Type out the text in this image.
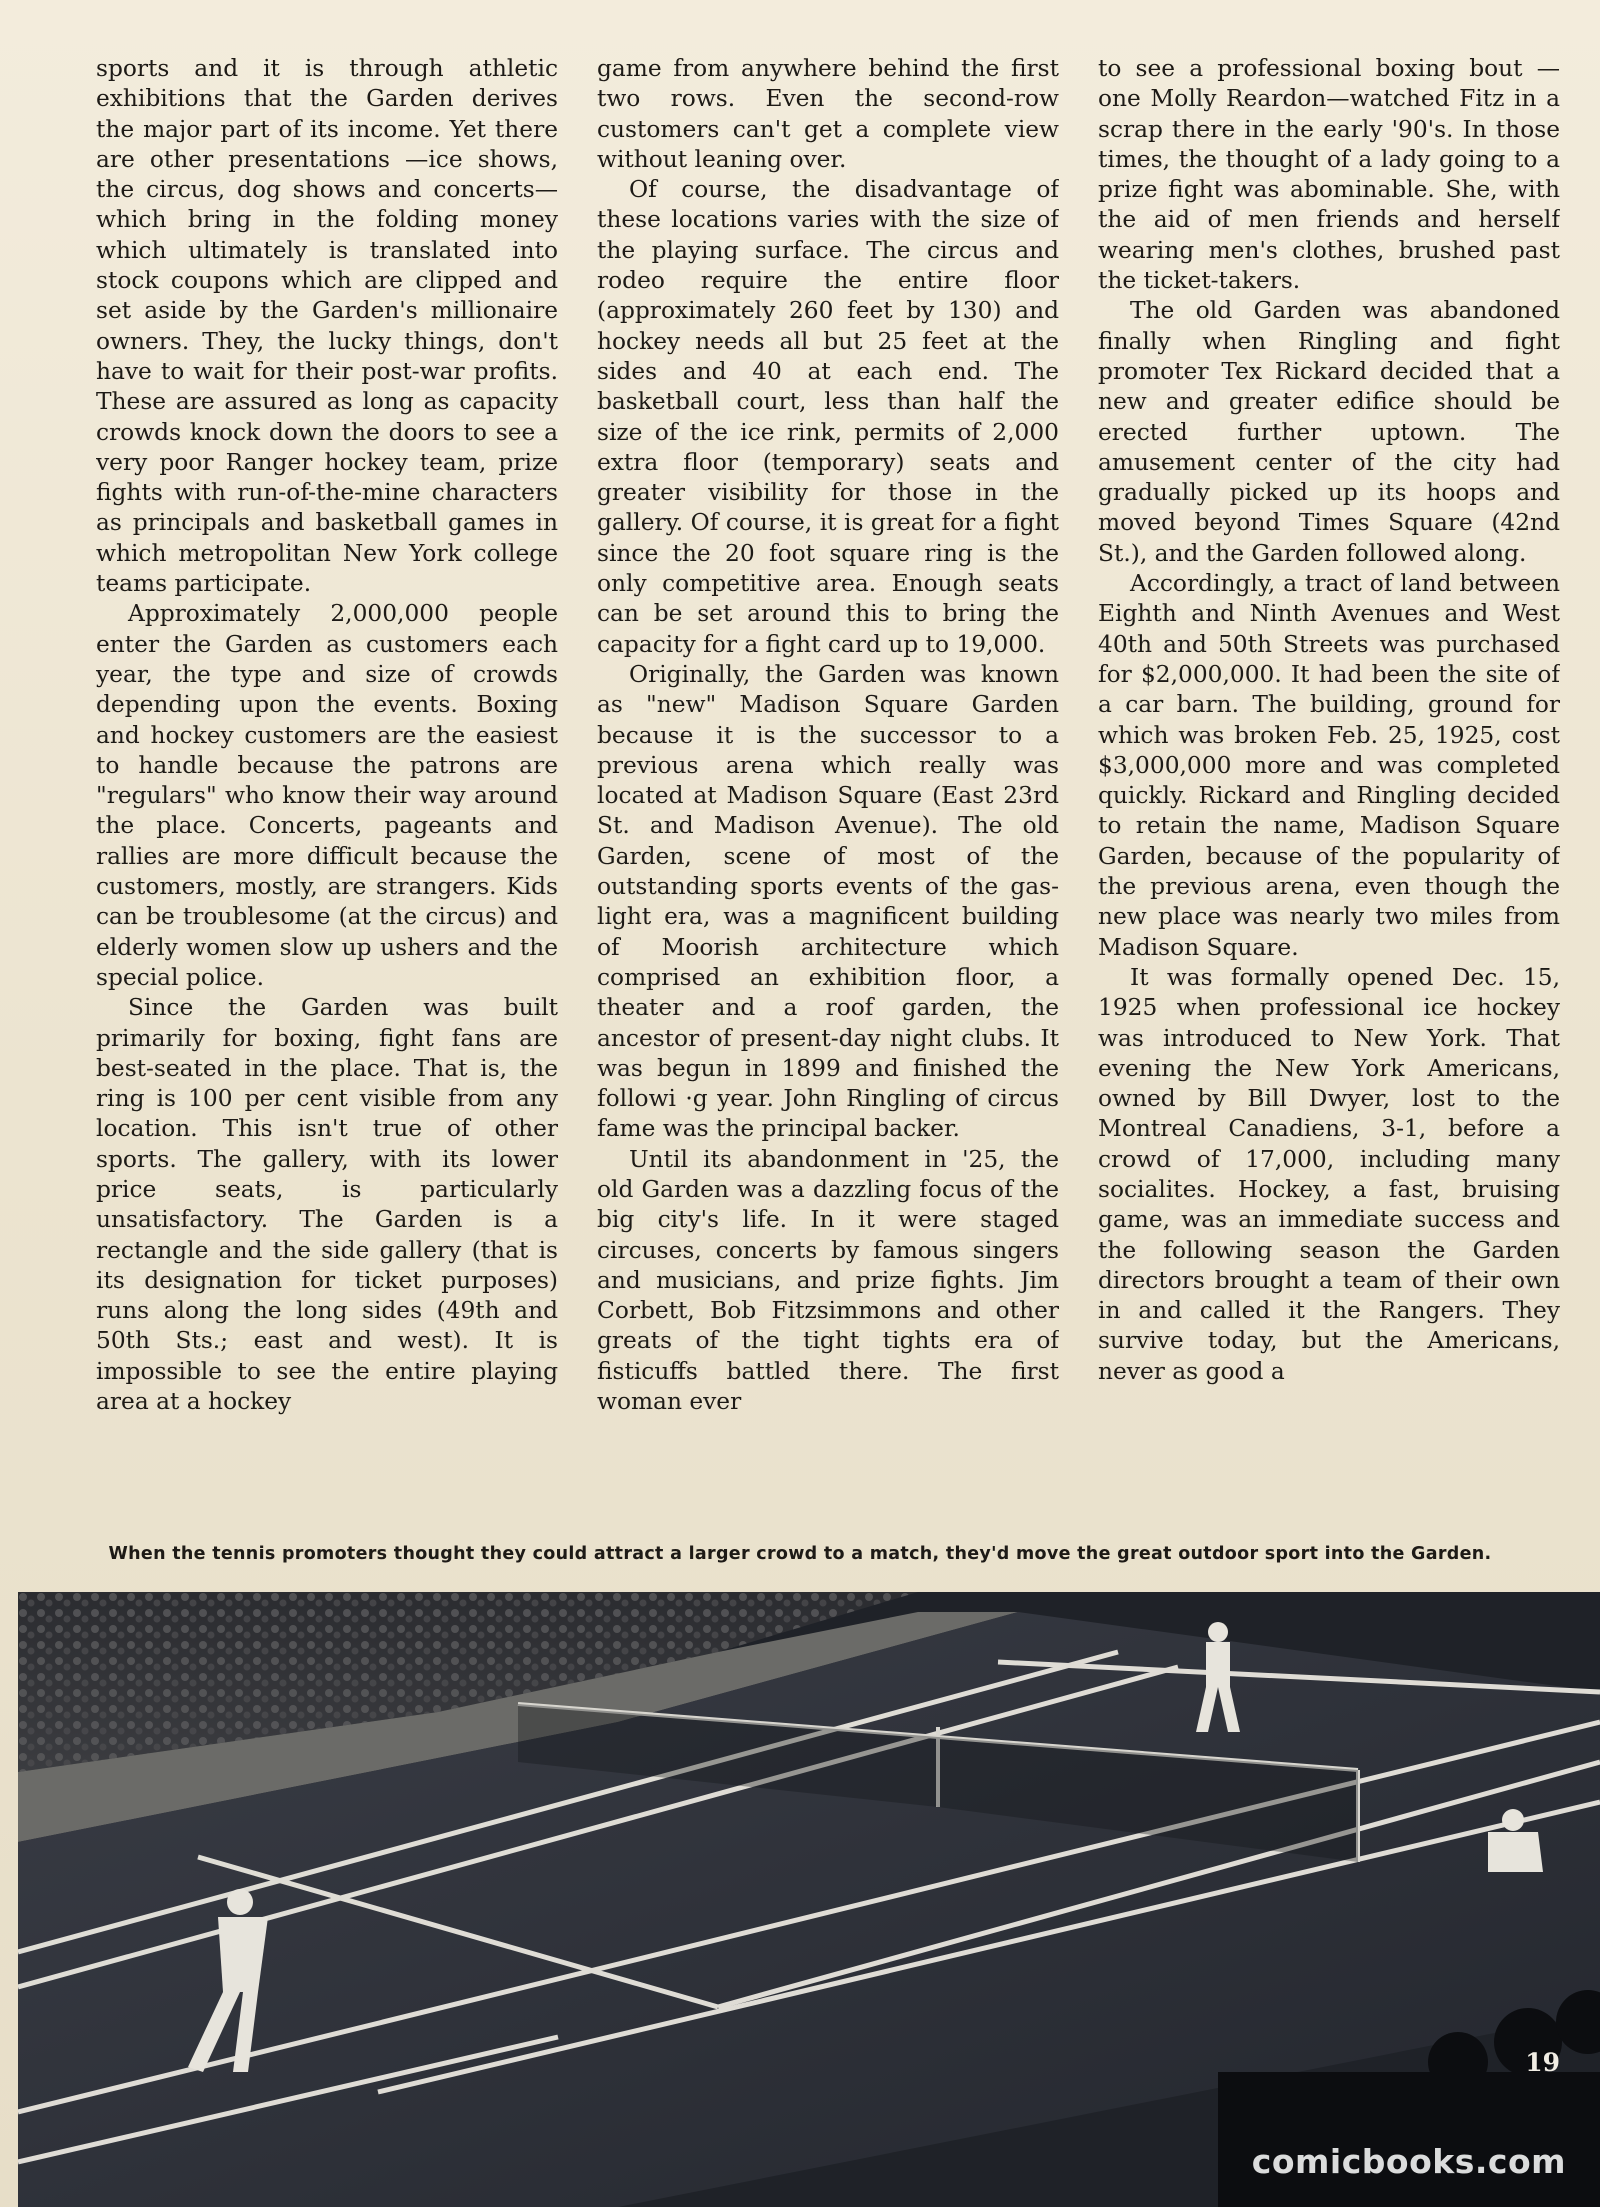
sports and it is through athletic exhibitions that the Garden derives the major part of its income. Yet there are other presentations —ice shows, the circus, dog shows and concerts—which bring in the folding money which ultimately is translated into stock coupons which are clipped and set aside by the Garden's millionaire owners. They, the lucky things, don't have to wait for their post-war profits. These are assured as long as capacity crowds knock down the doors to see a very poor Ranger hockey team, prize fights with run-of-the-mine characters as principals and basketball games in which metropolitan New York college teams participate.

Approximately 2,000,000 people enter the Garden as customers each year, the type and size of crowds depending upon the events. Boxing and hockey customers are the easiest to handle because the patrons are "regulars" who know their way around the place. Concerts, pageants and rallies are more difficult because the customers, mostly, are strangers. Kids can be troublesome (at the circus) and elderly women slow up ushers and the special police.

Since the Garden was built primarily for boxing, fight fans are best-seated in the place. That is, the ring is 100 per cent visible from any location. This isn't true of other sports. The gallery, with its lower price seats, is particularly unsatisfactory. The Garden is a rectangle and the side gallery (that is its designation for ticket purposes) runs along the long sides (49th and 50th Sts.; east and west). It is impossible to see the entire playing area at a hockey

game from anywhere behind the first two rows. Even the second-row customers can't get a complete view without leaning over.

Of course, the disadvantage of these locations varies with the size of the playing surface. The circus and rodeo require the entire floor (approximately 260 feet by 130) and hockey needs all but 25 feet at the sides and 40 at each end. The basketball court, less than half the size of the ice rink, permits of 2,000 extra floor (temporary) seats and greater visibility for those in the gallery. Of course, it is great for a fight since the 20 foot square ring is the only competitive area. Enough seats can be set around this to bring the capacity for a fight card up to 19,000.

Originally, the Garden was known as "new" Madison Square Garden because it is the successor to a previous arena which really was located at Madison Square (East 23rd St. and Madison Avenue). The old Garden, scene of most of the outstanding sports events of the gas-light era, was a magnificent building of Moorish architecture which comprised an exhibition floor, a theater and a roof garden, the ancestor of present-day night clubs. It was begun in 1899 and finished the followi ·g year. John Ringling of circus fame was the principal backer.

Until its abandonment in '25, the old Garden was a dazzling focus of the big city's life. In it were staged circuses, concerts by famous singers and musicians, and prize fights. Jim Corbett, Bob Fitzsimmons and other greats of the tight tights era of fisticuffs battled there. The first woman ever

to see a professional boxing bout —one Molly Reardon—watched Fitz in a scrap there in the early '90's. In those times, the thought of a lady going to a prize fight was abominable. She, with the aid of men friends and herself wearing men's clothes, brushed past the ticket-takers.

The old Garden was abandoned finally when Ringling and fight promoter Tex Rickard decided that a new and greater edifice should be erected further uptown. The amusement center of the city had gradually picked up its hoops and moved beyond Times Square (42nd St.), and the Garden followed along.

Accordingly, a tract of land between Eighth and Ninth Avenues and West 40th and 50th Streets was purchased for $2,000,000. It had been the site of a car barn. The building, ground for which was broken Feb. 25, 1925, cost $3,000,000 more and was completed quickly. Rickard and Ringling decided to retain the name, Madison Square Garden, because of the popularity of the previous arena, even though the new place was nearly two miles from Madison Square.

It was formally opened Dec. 15, 1925 when professional ice hockey was introduced to New York. That evening the New York Americans, owned by Bill Dwyer, lost to the Montreal Canadiens, 3-1, before a crowd of 17,000, including many socialites. Hockey, a fast, bruising game, was an immediate success and the following season the Garden directors brought a team of their own in and called it the Rangers. They survive today, but the Americans, never as good a

When the tennis promoters thought they could attract a larger crowd to a match, they'd move the great outdoor sport into the Garden.
19
comicbooks.com
